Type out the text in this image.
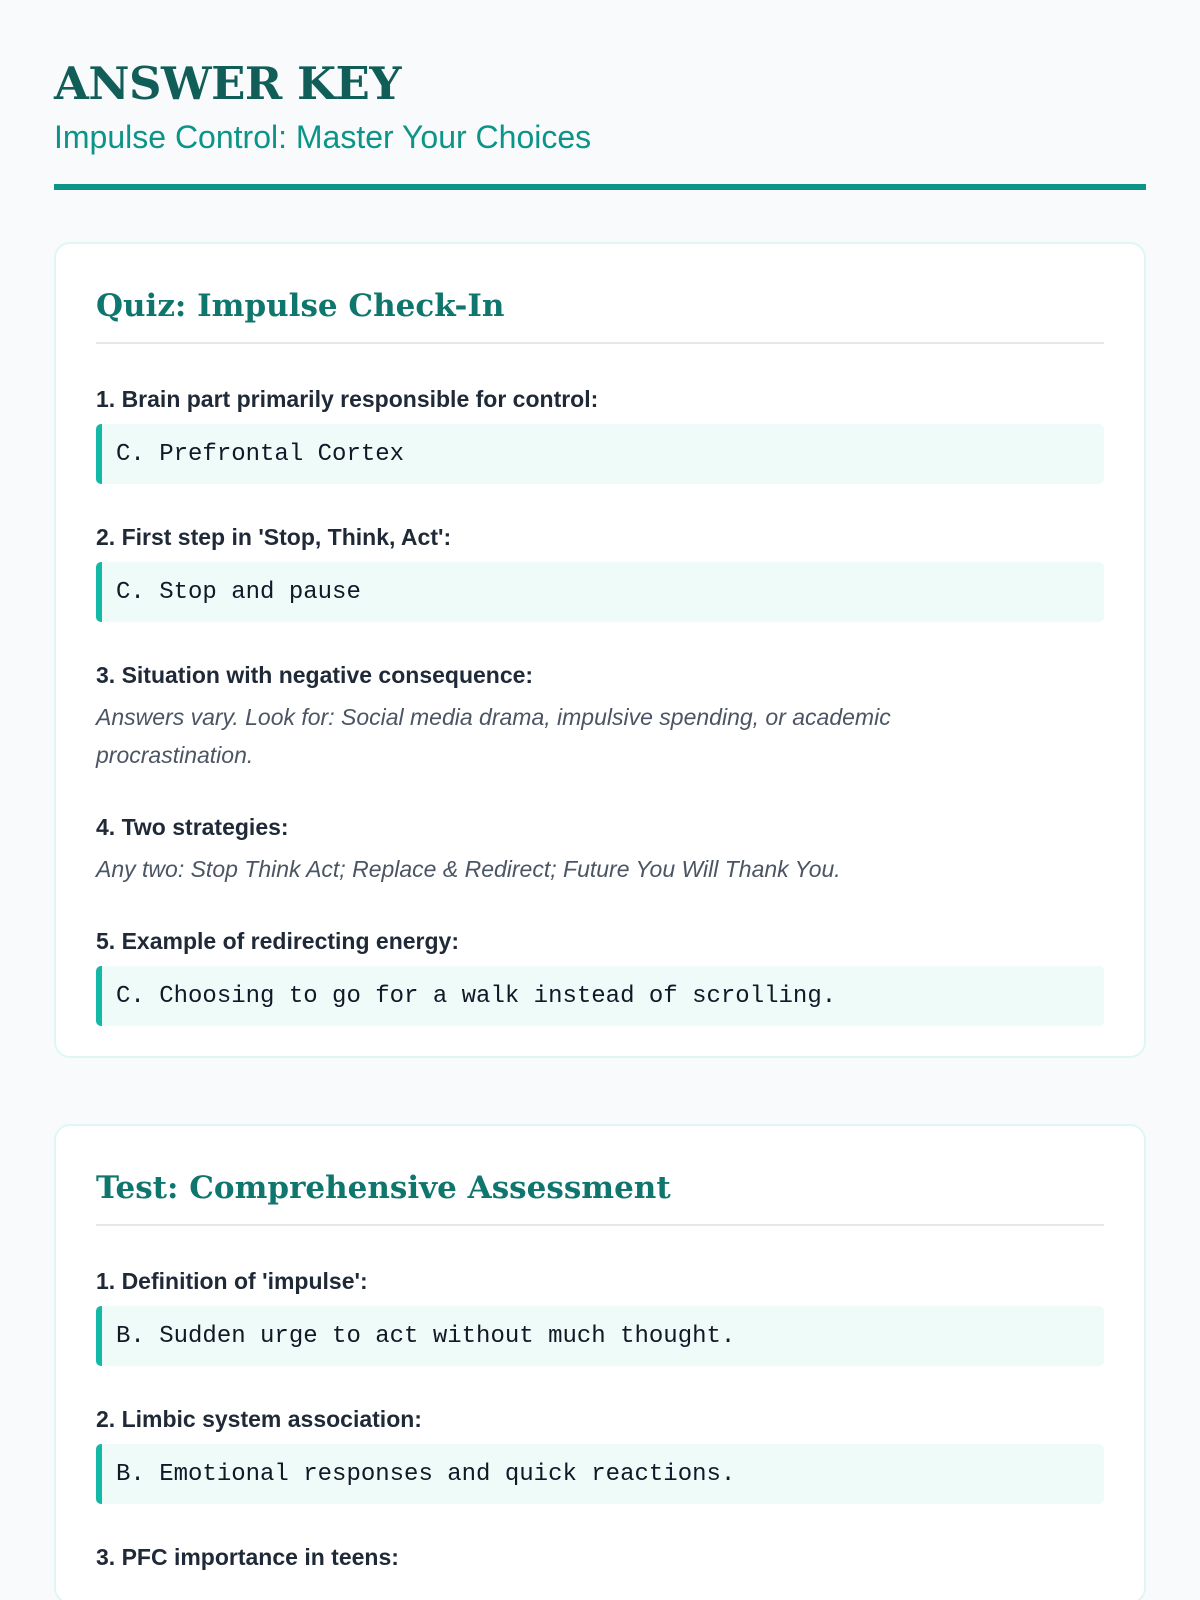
ANSWER KEY
Impulse Control: Master Your Choices
Quiz: Impulse Check-In
1. Brain part primarily responsible for control:
C. Prefrontal Cortex
2. First step in 'Stop, Think, Act':
C. Stop and pause
3. Situation with negative consequence:
Answers vary. Look for: Social media drama, impulsive spending, or academic procrastination.
4. Two strategies:
Any two: Stop Think Act; Replace & Redirect; Future You Will Thank You.
5. Example of redirecting energy:
C. Choosing to go for a walk instead of scrolling.
Test: Comprehensive Assessment
1. Definition of 'impulse':
B. Sudden urge to act without much thought.
2. Limbic system association:
B. Emotional responses and quick reactions.
3. PFC importance in teens:
